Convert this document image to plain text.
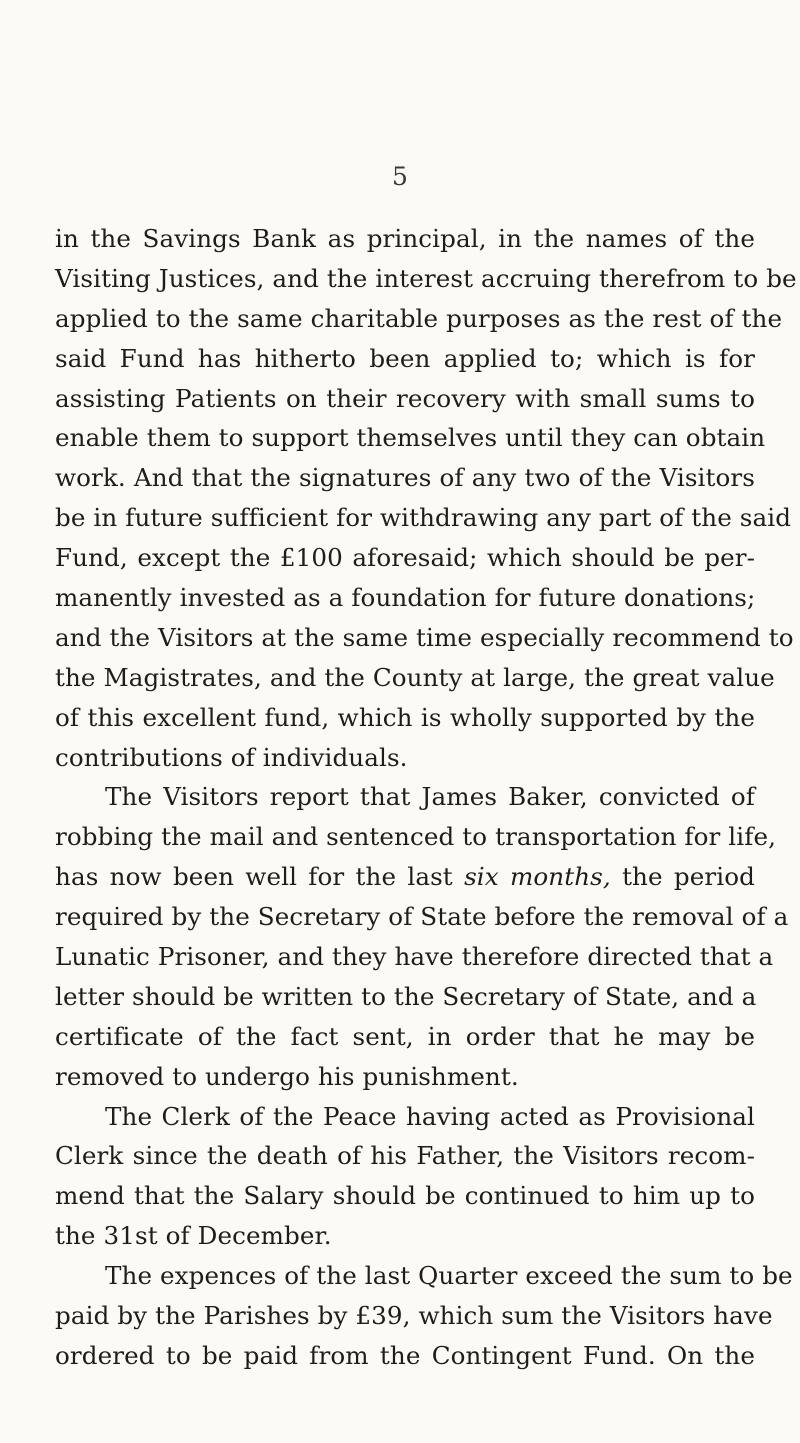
5
in the Savings Bank as principal, in the names of the
Visiting Justices, and the interest accruing therefrom to be
applied to the same charitable purposes as the rest of the
said Fund has hitherto been applied to; which is for
assisting Patients on their recovery with small sums to
enable them to support themselves until they can obtain
work. And that the signatures of any two of the Visitors
be in future sufficient for withdrawing any part of the said
Fund, except the £100 aforesaid; which should be per-
manently invested as a foundation for future donations;
and the Visitors at the same time especially recommend to
the Magistrates, and the County at large, the great value
of this excellent fund, which is wholly supported by the
contributions of individuals.
The Visitors report that James Baker, convicted of
robbing the mail and sentenced to transportation for life,
has now been well for the last six months, the period
required by the Secretary of State before the removal of a
Lunatic Prisoner, and they have therefore directed that a
letter should be written to the Secretary of State, and a
certificate of the fact sent, in order that he may be
removed to undergo his punishment.
The Clerk of the Peace having acted as Provisional
Clerk since the death of his Father, the Visitors recom-
mend that the Salary should be continued to him up to
the 31st of December.
The expences of the last Quarter exceed the sum to be
paid by the Parishes by £39, which sum the Visitors have
ordered to be paid from the Contingent Fund. On the
